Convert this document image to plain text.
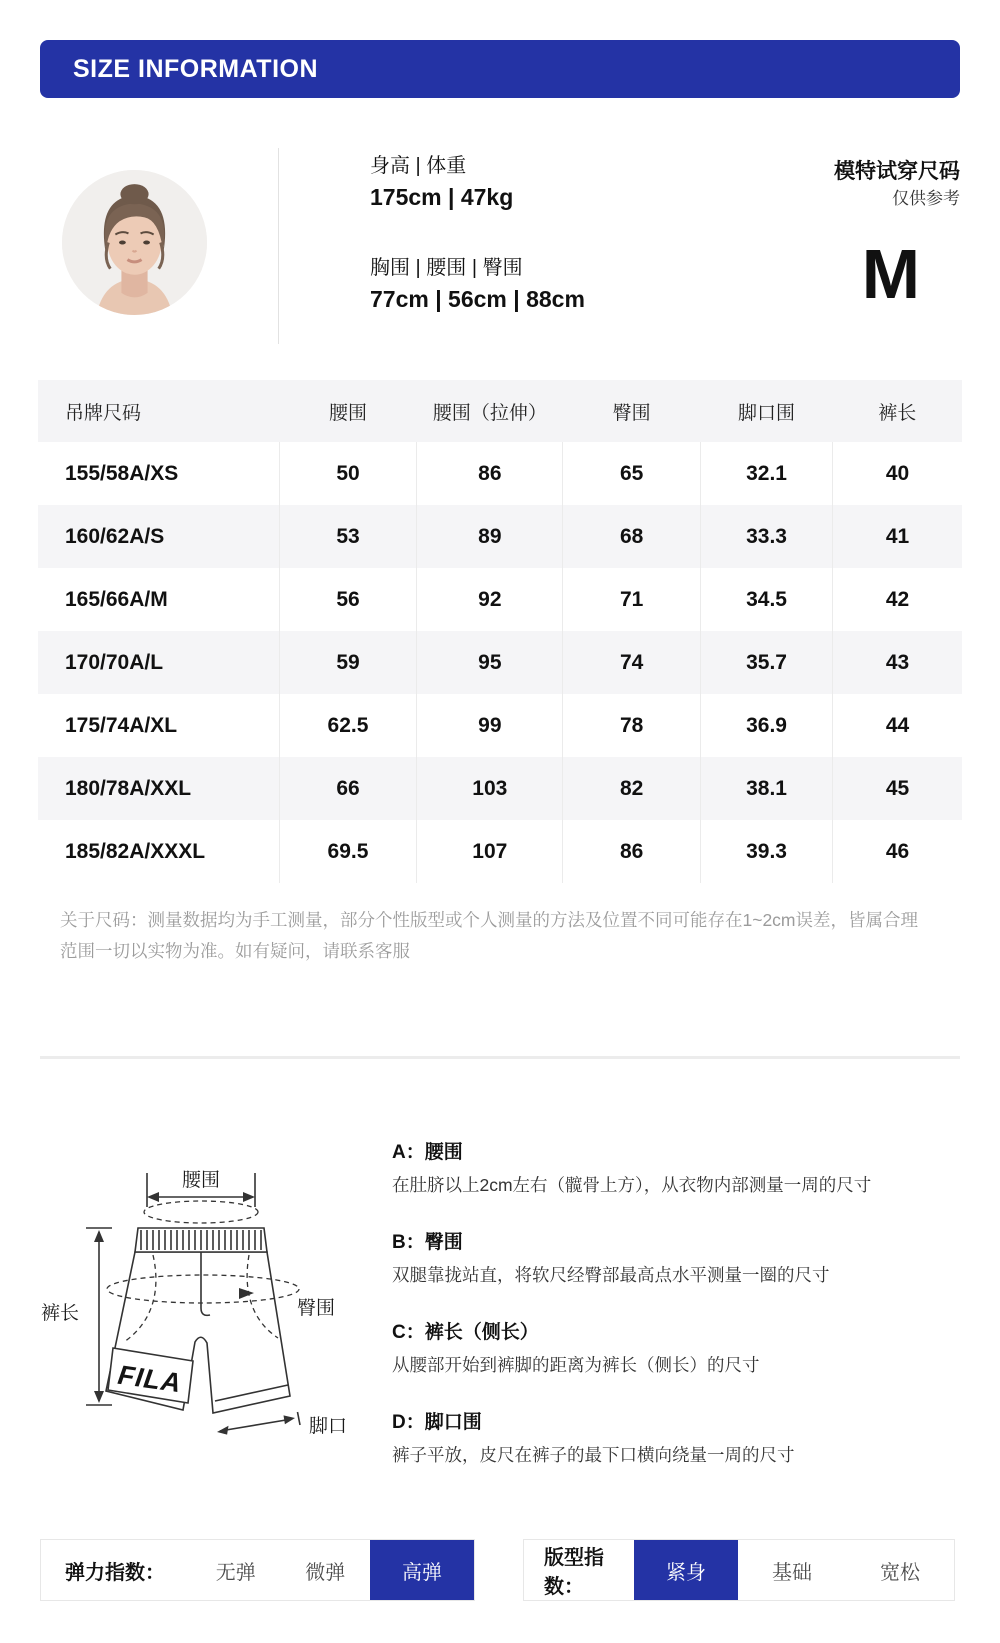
SIZE INFORMATION
身高 | 体重
175cm | 47kg
胸围 | 腰围 | 臀围
77cm | 56cm | 88cm
模特试穿尺码
仅供参考
M
吊牌尺码	腰围	腰围（拉伸）	臀围	脚口围	裤长
155/58A/XS	50	86	65	32.1	40
160/62A/S	53	89	68	33.3	41
165/66A/M	56	92	71	34.5	42
170/70A/L	59	95	74	35.7	43
175/74A/XL	62.5	99	78	36.9	44
180/78A/XXL	66	103	82	38.1	45
185/82A/XXXL	69.5	107	86	39.3	46
关于尺码：测量数据均为手工测量，部分个性版型或个人测量的方法及位置不同可能存在1~2cm误差，皆属合理
范围一切以实物为准。如有疑问，请联系客服
腰围
臀围
FILA
裤长
脚口
A：腰围
在肚脐以上2cm左右（髋骨上方），从衣物内部测量一周的尺寸
B：臀围
双腿靠拢站直，将软尺经臀部最高点水平测量一圈的尺寸
C：裤长（侧长）
从腰部开始到裤脚的距离为裤长（侧长）的尺寸
D：脚口围
裤子平放，皮尺在裤子的最下口横向绕量一周的尺寸
弹力指数：	无弹	微弹	高弹
版型指数：
紧身	基础	宽松
